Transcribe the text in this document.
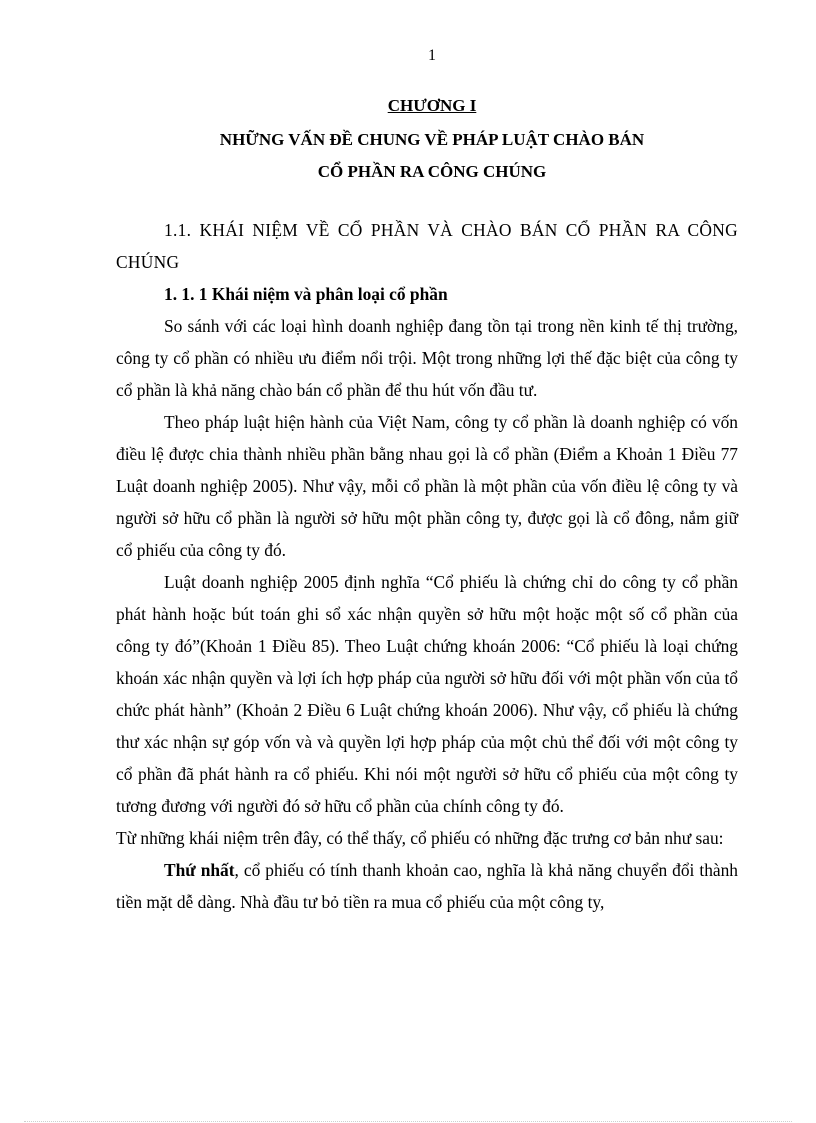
1
CHƯƠNG I
NHỮNG VẤN ĐỀ CHUNG VỀ PHÁP LUẬT CHÀO BÁN
CỔ PHẦN RA CÔNG CHÚNG

1.1. KHÁI NIỆM VỀ CỔ PHẦN VÀ CHÀO BÁN CỔ PHẦN RA CÔNG CHÚNG

1. 1. 1 Khái niệm và phân loại cổ phần

So sánh với các loại hình doanh nghiệp đang tồn tại trong nền kinh tế thị trường, công ty cổ phần có nhiều ưu điểm nổi trội. Một trong những lợi thế đặc biệt của công ty cổ phần là khả năng chào bán cổ phần để thu hút vốn đầu tư.

Theo pháp luật hiện hành của Việt Nam, công ty cổ phần là doanh nghiệp có vốn điều lệ được chia thành nhiều phần bằng nhau gọi là cổ phần (Điểm a Khoản 1 Điều 77 Luật doanh nghiệp 2005). Như vậy, mỗi cổ phần là một phần của vốn điều lệ công ty và người sở hữu cổ phần là người sở hữu một phần công ty, được gọi là cổ đông, nắm giữ cổ phiếu của công ty đó.

Luật doanh nghiệp 2005 định nghĩa “Cổ phiếu là chứng chỉ do công ty cổ phần phát hành hoặc bút toán ghi sổ xác nhận quyền sở hữu một hoặc một số cổ phần của công ty đó”(Khoản 1 Điều 85). Theo Luật chứng khoán 2006: “Cổ phiếu là loại chứng khoán xác nhận quyền và lợi ích hợp pháp của người sở hữu đối với một phần vốn của tổ chức phát hành” (Khoản 2 Điều 6 Luật chứng khoán 2006). Như vậy, cổ phiếu là chứng thư xác nhận sự góp vốn và và quyền lợi hợp pháp của một chủ thể đối với một công ty cổ phần đã phát hành ra cổ phiếu. Khi nói một người sở hữu cổ phiếu của một công ty tương đương với người đó sở hữu cổ phần của chính công ty đó.

Từ những khái niệm trên đây, có thể thấy, cổ phiếu có những đặc trưng cơ bản như sau:

Thứ nhất, cổ phiếu có tính thanh khoản cao, nghĩa là khả năng chuyển đổi thành tiền mặt dễ dàng. Nhà đầu tư bỏ tiền ra mua cổ phiếu của một công ty,
